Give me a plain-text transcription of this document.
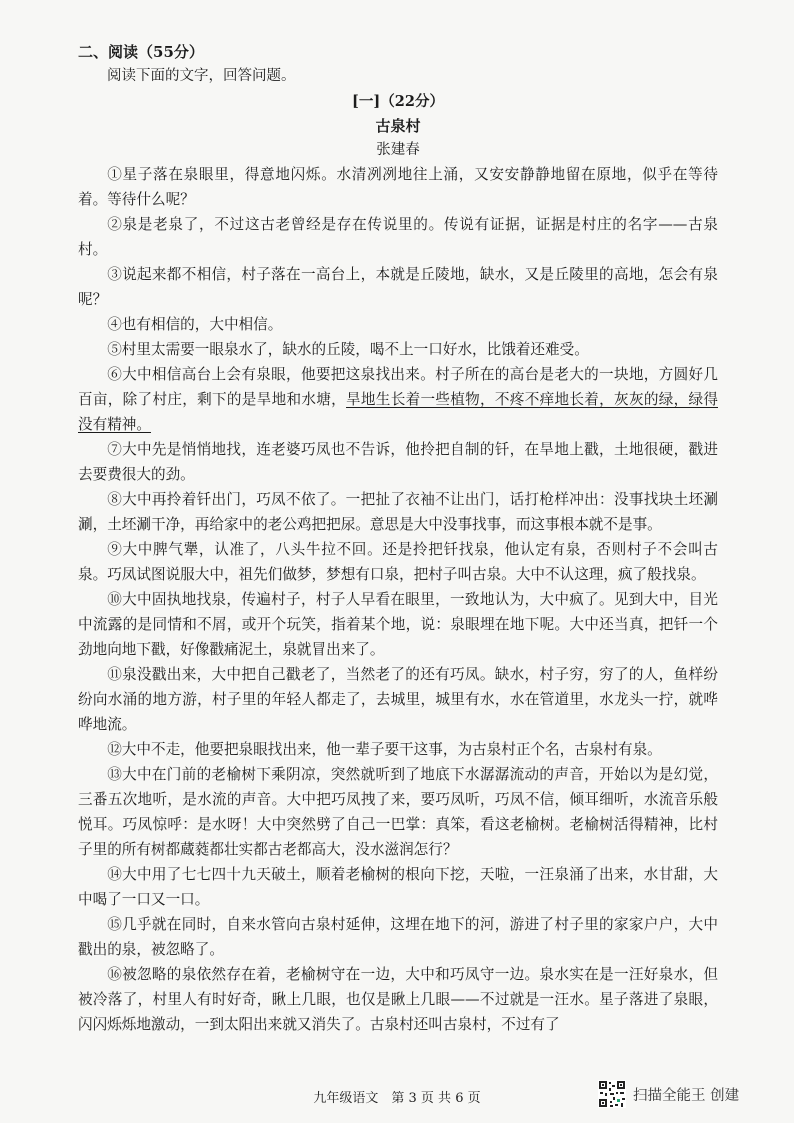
二、阅读（55分）

阅读下面的文字，回答问题。

[一]（22分）

古泉村

张建春

①星子落在泉眼里，得意地闪烁。水清冽冽地往上涌，又安安静静地留在原地，似乎在等待着。等待什么呢？

②泉是老泉了，不过这古老曾经是存在传说里的。传说有证据，证据是村庄的名字——古泉村。

③说起来都不相信，村子落在一高台上，本就是丘陵地，缺水，又是丘陵里的高地，怎会有泉呢？

④也有相信的，大中相信。

⑤村里太需要一眼泉水了，缺水的丘陵，喝不上一口好水，比饿着还难受。

⑥大中相信高台上会有泉眼，他要把这泉找出来。村子所在的高台是老大的一块地，方圆好几百亩，除了村庄，剩下的是旱地和水塘，旱地生长着一些植物，不疼不痒地长着，灰灰的绿，绿得没有精神。

⑦大中先是悄悄地找，连老婆巧凤也不告诉，他拎把自制的钎，在旱地上戳，土地很硬，戳进去要费很大的劲。

⑧大中再拎着钎出门，巧凤不依了。一把扯了衣袖不让出门，话打枪样冲出：没事找块土坯涮涮，土坯涮干净，再给家中的老公鸡把把尿。意思是大中没事找事，而这事根本就不是事。

⑨大中脾气犟，认准了，八头牛拉不回。还是拎把钎找泉，他认定有泉，否则村子不会叫古泉。巧凤试图说服大中，祖先们做梦，梦想有口泉，把村子叫古泉。大中不认这理，疯了般找泉。

⑩大中固执地找泉，传遍村子，村子人早看在眼里，一致地认为，大中疯了。见到大中，目光中流露的是同情和不屑，或开个玩笑，指着某个地，说：泉眼埋在地下呢。大中还当真，把钎一个劲地向地下戳，好像戳痛泥土，泉就冒出来了。

⑪泉没戳出来，大中把自己戳老了，当然老了的还有巧凤。缺水，村子穷，穷了的人，鱼样纷纷向水涌的地方游，村子里的年轻人都走了，去城里，城里有水，水在管道里，水龙头一拧，就哗哗地流。

⑫大中不走，他要把泉眼找出来，他一辈子要干这事，为古泉村正个名，古泉村有泉。

⑬大中在门前的老榆树下乘阴凉，突然就听到了地底下水潺潺流动的声音，开始以为是幻觉，三番五次地听，是水流的声音。大中把巧凤拽了来，要巧凤听，巧凤不信，倾耳细听，水流音乐般悦耳。巧凤惊呼：是水呀！大中突然劈了自己一巴掌：真笨，看这老榆树。老榆树活得精神，比村子里的所有树都蔵蕤都壮实都古老都高大，没水滋润怎行？

⑭大中用了七七四十九天破土，顺着老榆树的根向下挖，天啦，一汪泉涌了出来，水甘甜，大中喝了一口又一口。

⑮几乎就在同时，自来水管向古泉村延伸，这埋在地下的河，游进了村子里的家家户户，大中戳出的泉，被忽略了。

⑯被忽略的泉依然存在着，老榆树守在一边，大中和巧凤守一边。泉水实在是一汪好泉水，但被冷落了，村里人有时好奇，瞅上几眼，也仅是瞅上几眼——不过就是一汪水。星子落进了泉眼，闪闪烁烁地激动，一到太阳出来就又消失了。古泉村还叫古泉村，不过有了

九年级语文　第 3 页 共 6 页	扫描全能王 创建
